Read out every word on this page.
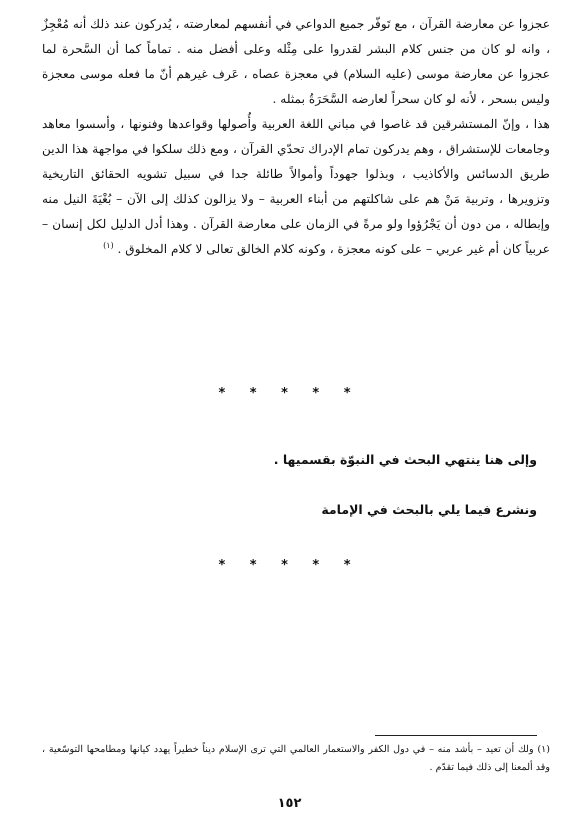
عجزوا عن معارضة القرآن ، مع تَوفّر جميع الدواعي في أنفسهم لمعارضته ، يُدركون عند ذلك أنه مُعْجِزٌ ، وانه لو كان من جنس كلام البشر لقدروا على مِثْله وعلى أفضل منه . تماماً كما أن السَّحرة لما عجزوا عن معارضة موسى (عليه السلام) في معجزة عصاه ، عَرف غيرهم أنّ ما فعله موسى معجزة وليس بسحر ، لأنه لو كان سحراً لعارضه السَّحَرَةُ بمثله .

هذا ، وإنّ المستشرقين قد غاصوا في مباني اللغة العربية وأُصولها وقواعدها وفنونها ، وأسسوا معاهد وجامعات للإستشراق ، وهم يدركون تمام الإدراك تحدّي القرآن ، ومع ذلك سلكوا في مواجهة هذا الدين طريق الدسائس والأكاذيب ، وبذلوا جهوداً وأموالاً طائلة جدا في سبيل تشويه الحقائق التاريخية وتزويرها ، وتربية مَنْ هم على شاكلتهم من أبناء العربية – ولا يزالون كذلك إلى الآن – بُغْيَةَ النيل منه وإبطاله ، من دون أن يَجْرُؤوا ولو مرةً في الزمان على معارضة القرآن . وهذا أدل الدليل لكل إنسان –عربياً كان أم غير عربي – على كونه معجزة ، وكونه كلام الخالق تعالى لا كلام المخلوق . $^{(١)}$

* * * * *
وإلى هنا ينتهي البحث في النبوّة بقسميها .
ونشرع فيما يلي بالبحث في الإمامة
* * * * *
(١) ولك أن تعيد – بأشد منه – في دول الكفر والاستعمار العالمي التي ترى الإسلام ديناً خطيراً يهدد كيانها ومطامحها التوسّعية ، وقد ألمعنا إلى ذلك فيما تقدّم .
١٥٢
